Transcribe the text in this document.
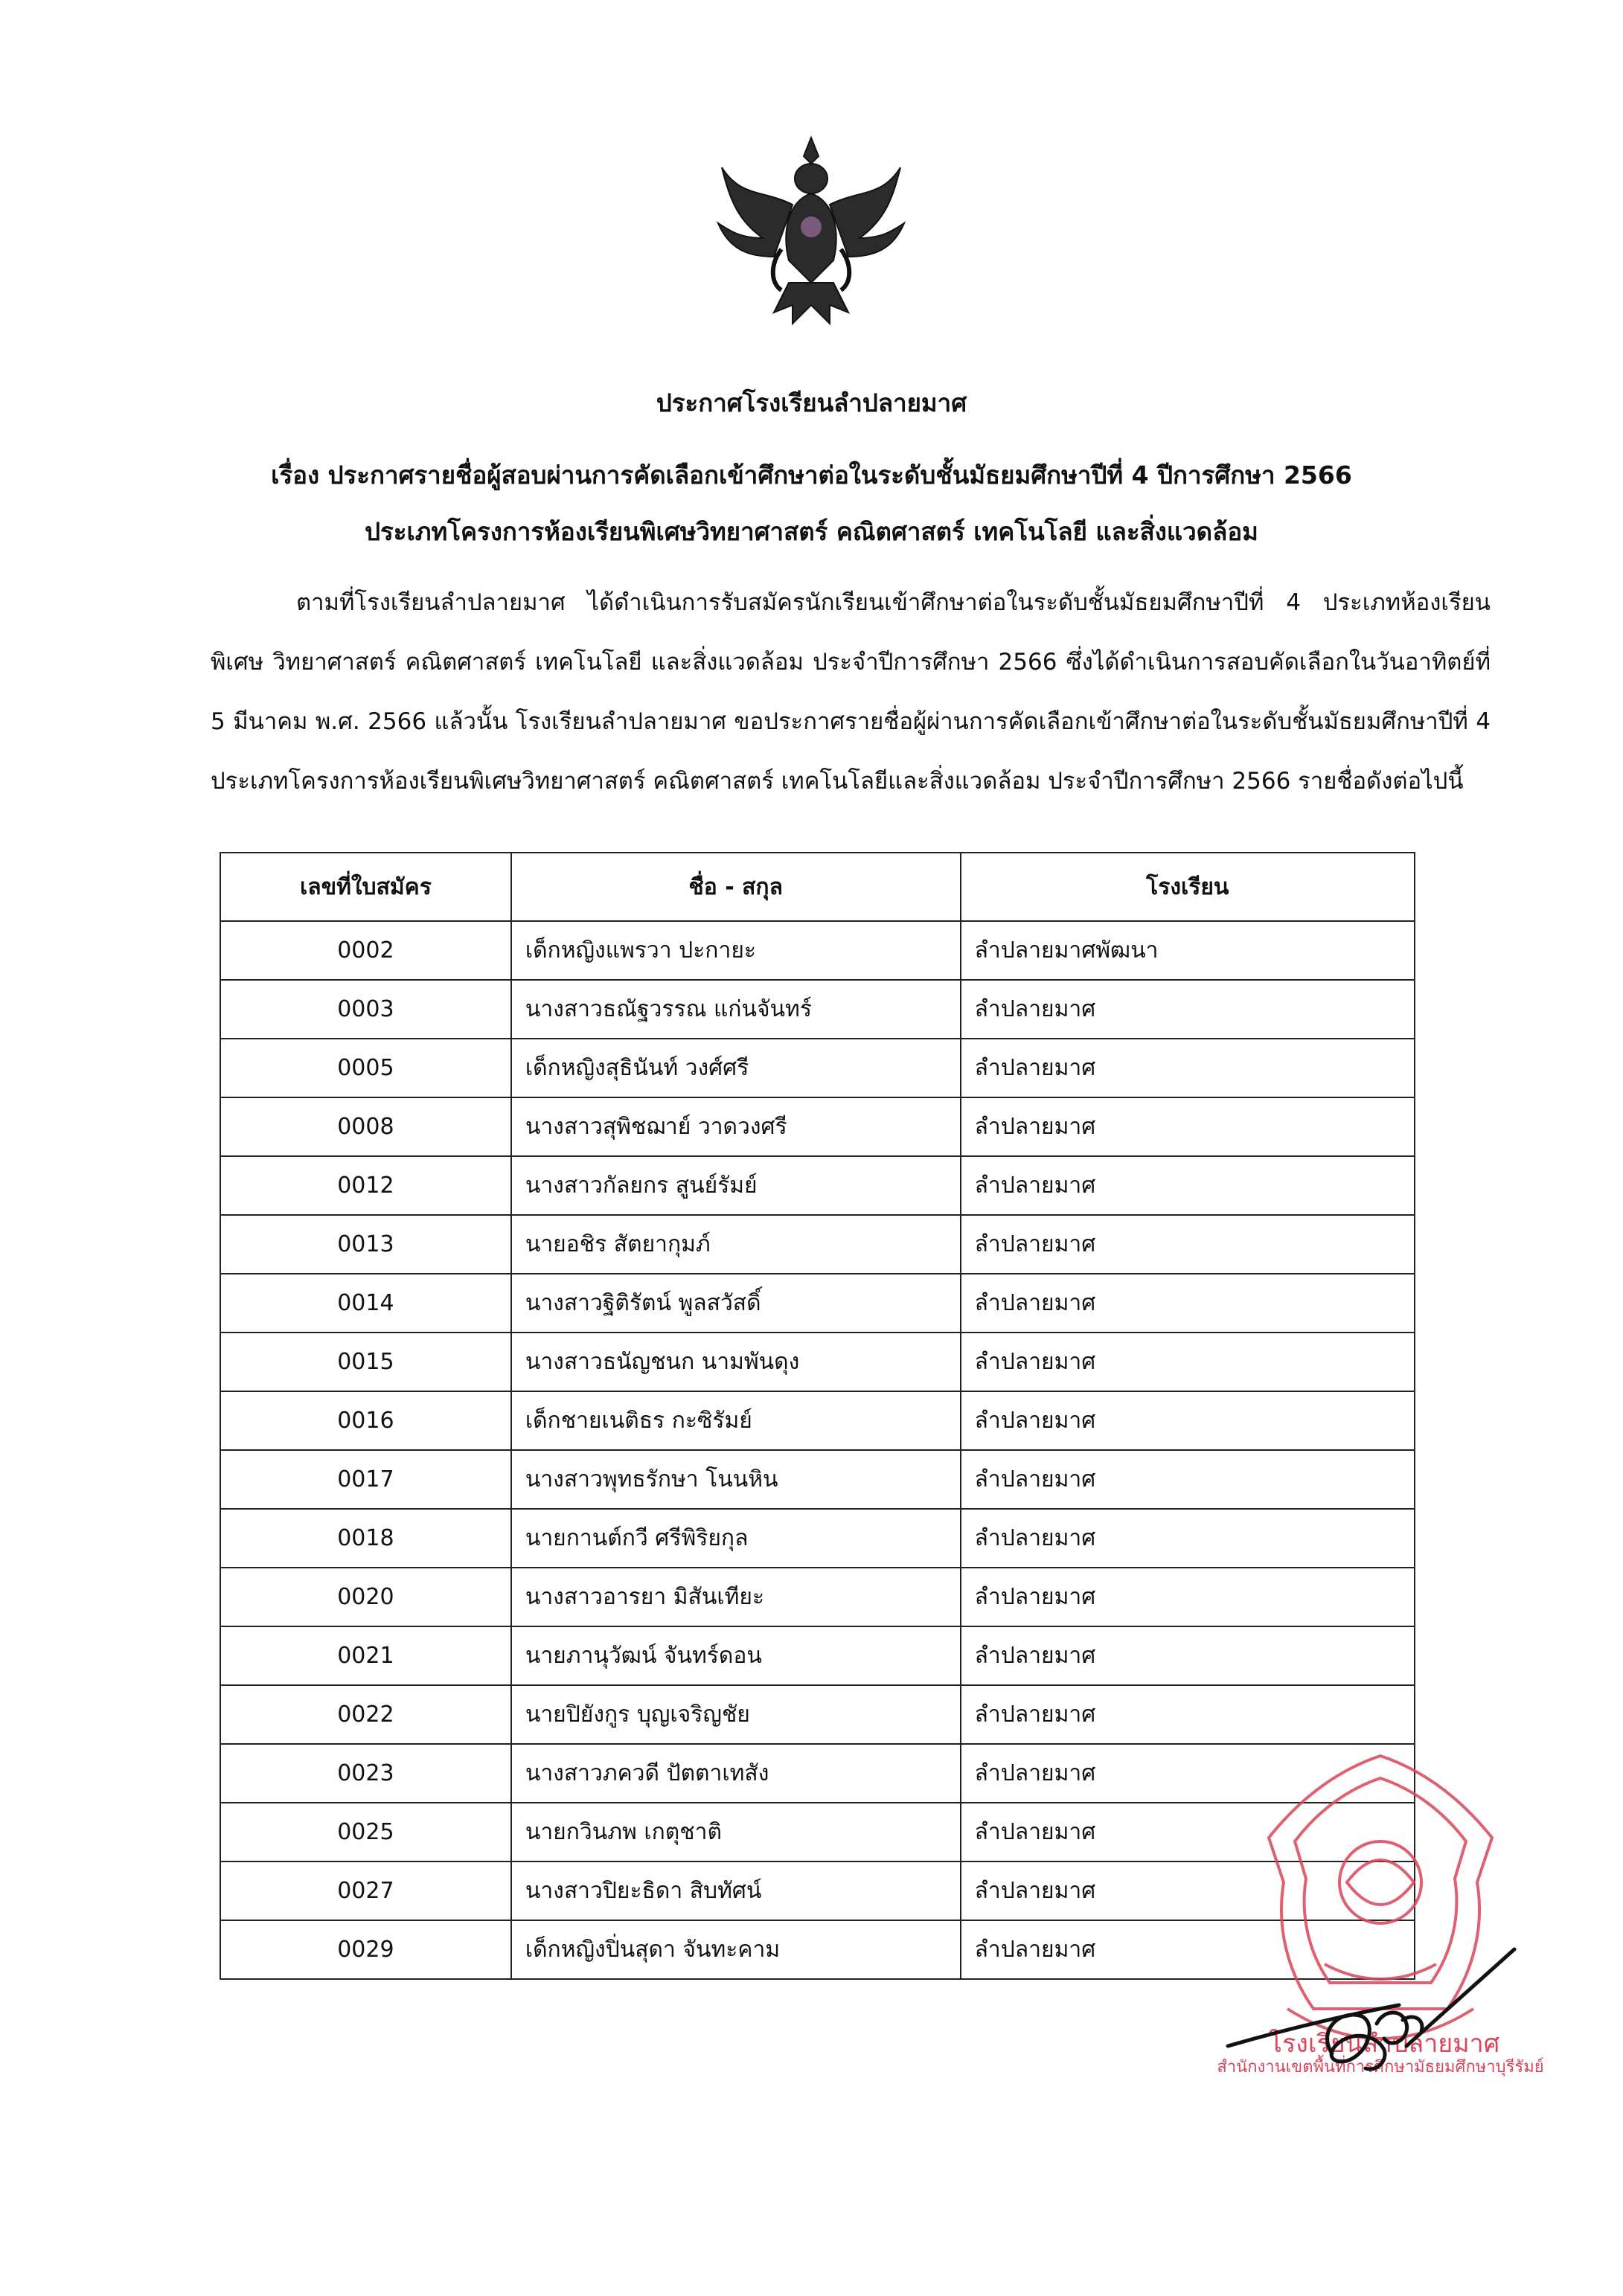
ประกาศโรงเรียนลำปลายมาศ
เรื่อง ประกาศรายชื่อผู้สอบผ่านการคัดเลือกเข้าศึกษาต่อในระดับชั้นมัธยมศึกษาปีที่ 4 ปีการศึกษา 2566
ประเภทโครงการห้องเรียนพิเศษวิทยาศาสตร์ คณิตศาสตร์ เทคโนโลยี และสิ่งแวดล้อม
ตามที่โรงเรียนลำปลายมาศ ได้ดำเนินการรับสมัครนักเรียนเข้าศึกษาต่อในระดับชั้นมัธยมศึกษาปีที่ 4 ประเภทห้องเรียนพิเศษ วิทยาศาสตร์ คณิตศาสตร์ เทคโนโลยี และสิ่งแวดล้อม ประจำปีการศึกษา 2566 ซึ่งได้ดำเนินการสอบคัดเลือกในวันอาทิตย์ที่ 5 มีนาคม พ.ศ. 2566 แล้วนั้น โรงเรียนลำปลายมาศ ขอประกาศรายชื่อผู้ผ่านการคัดเลือกเข้าศึกษาต่อในระดับชั้นมัธยมศึกษาปีที่ 4 ประเภทโครงการห้องเรียนพิเศษวิทยาศาสตร์ คณิตศาสตร์ เทคโนโลยีและสิ่งแวดล้อม ประจำปีการศึกษา 2566 รายชื่อดังต่อไปนี้
เลขที่ใบสมัคร	ชื่อ - สกุล	โรงเรียน
0002	เด็กหญิงแพรวา ปะกายะ	ลำปลายมาศพัฒนา
0003	นางสาวธณัฐวรรณ แก่นจันทร์	ลำปลายมาศ
0005	เด็กหญิงสุธินันท์ วงศ์ศรี	ลำปลายมาศ
0008	นางสาวสุพิชฌาย์ วาดวงศรี	ลำปลายมาศ
0012	นางสาวกัลยกร สูนย์รัมย์	ลำปลายมาศ
0013	นายอชิร สัตยากุมภ์	ลำปลายมาศ
0014	นางสาวฐิติรัตน์ พูลสวัสดิ์	ลำปลายมาศ
0015	นางสาวธนัญชนก นามพันดุง	ลำปลายมาศ
0016	เด็กชายเนติธร กะซิรัมย์	ลำปลายมาศ
0017	นางสาวพุทธรักษา โนนหิน	ลำปลายมาศ
0018	นายกานต์กวี ศรีพิริยกุล	ลำปลายมาศ
0020	นางสาวอารยา มิสันเทียะ	ลำปลายมาศ
0021	นายภานุวัฒน์ จันทร์ดอน	ลำปลายมาศ
0022	นายปิยังกูร บุญเจริญชัย	ลำปลายมาศ
0023	นางสาวภควดี ปัตตาเทสัง	ลำปลายมาศ
0025	นายกวินภพ เกตุชาติ	ลำปลายมาศ
0027	นางสาวปิยะธิดา สิบทัศน์	ลำปลายมาศ
0029	เด็กหญิงปิ่นสุดา จันทะคาม	ลำปลายมาศ
โรงเรียนลำปลายมาศ
สำนักงานเขตพื้นที่การศึกษามัธยมศึกษาบุรีรัมย์
